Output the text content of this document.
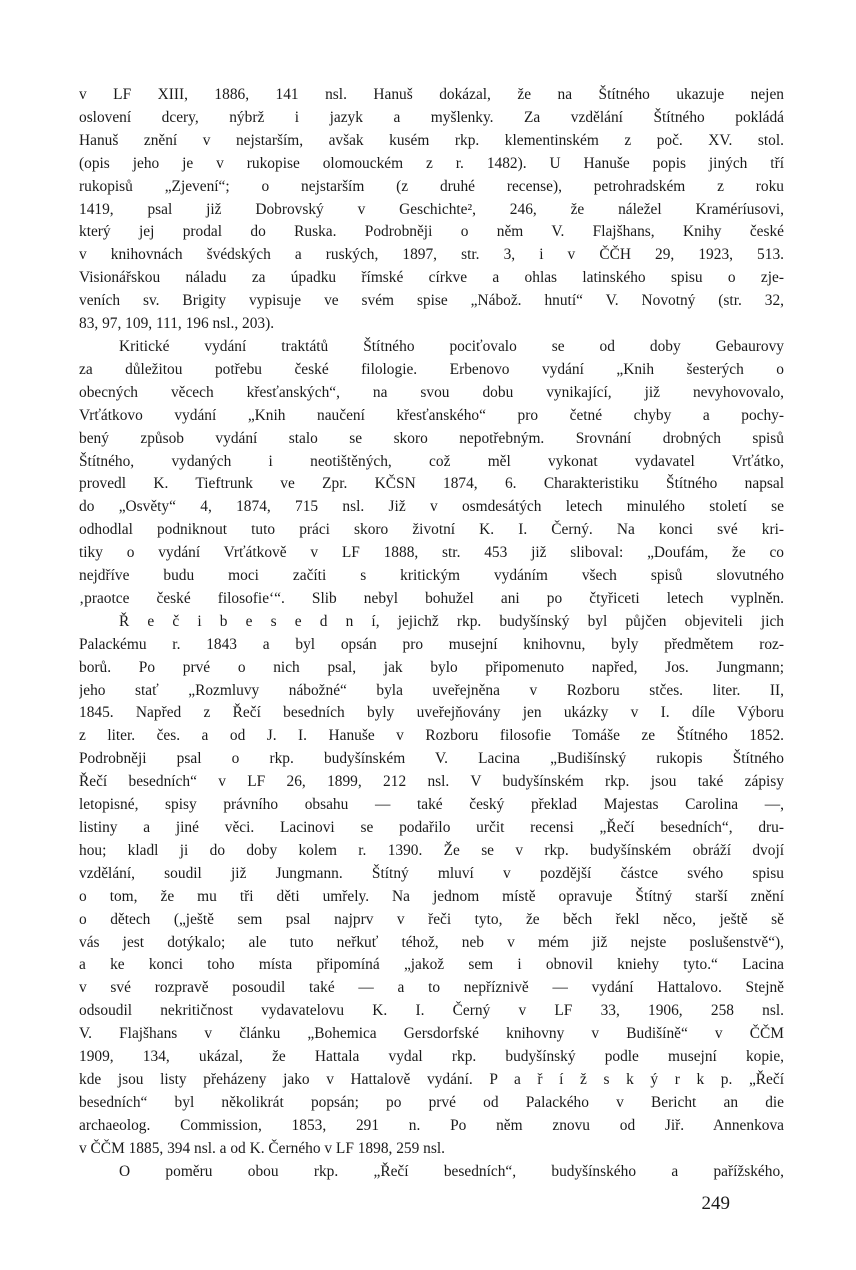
v LF XIII, 1886, 141 nsl. Hanuš dokázal, že na Štítného ukazuje nejen
oslovení dcery, nýbrž i jazyk a myšlenky. Za vzdělání Štítného pokládá
Hanuš znění v nejstarším, avšak kusém rkp. klementinském z poč. XV. stol.
(opis jeho je v rukopise olomouckém z r. 1482). U Hanuše popis jiných tří
rukopisů „Zjevení“; o nejstarším (z druhé recense), petrohradském z roku
1419, psal již Dobrovský v Geschichte², 246, že náležel Kraméríusovi,
který jej prodal do Ruska. Podrobněji o něm V. Flajšhans, Knihy české
v knihovnách švédských a ruských, 1897, str. 3, i v ČČH 29, 1923, 513.
Visionářskou náladu za úpadku římské církve a ohlas latinského spisu o zje-
veních sv. Brigity vypisuje ve svém spise „Nábož. hnutí“ V. Novotný (str. 32,
83, 97, 109, 111, 196 nsl., 203).

Kritické vydání traktátů Štítného pociťovalo se od doby Gebaurovy
za důležitou potřebu české filologie. Erbenovo vydání „Knih šesterých o
obecných věcech křesťanských“, na svou dobu vynikající, již nevyhovovalo,
Vrťátkovo vydání „Knih naučení křesťanského“ pro četné chyby a pochy-
bený způsob vydání stalo se skoro nepotřebným. Srovnání drobných spisů
Štítného, vydaných i neotištěných, což měl vykonat vydavatel Vrťátko,
provedl K. Tieftrunk ve Zpr. KČSN 1874, 6. Charakteristiku Štítného napsal
do „Osvěty“ 4, 1874, 715 nsl. Již v osmdesátých letech minulého století se
odhodlal podniknout tuto práci skoro životní K. I. Černý. Na konci své kri-
tiky o vydání Vrťátkově v LF 1888, str. 453 již sliboval: „Doufám, že co
nejdříve budu moci začíti s kritickým vydáním všech spisů slovutného
‚praotce české filosofie‘“. Slib nebyl bohužel ani po čtyřiceti letech vyplněn.

Ř e č i b e s e d n í, jejichž rkp. budyšínský byl půjčen objeviteli jich
Palackému r. 1843 a byl opsán pro musejní knihovnu, byly předmětem roz-
borů. Po prvé o nich psal, jak bylo připomenuto napřed, Jos. Jungmann;
jeho stať „Rozmluvy nábožné“ byla uveřejněna v Rozboru stčes. liter. II,
1845. Napřed z Řečí besedních byly uveřejňovány jen ukázky v I. díle Výboru
z liter. čes. a od J. I. Hanuše v Rozboru filosofie Tomáše ze Štítného 1852.
Podrobněji psal o rkp. budyšínském V. Lacina „Budišínský rukopis Štítného
Řečí besedních“ v LF 26, 1899, 212 nsl. V budyšínském rkp. jsou také zápisy
letopisné, spisy právního obsahu — také český překlad Majestas Carolina —,
listiny a jiné věci. Lacinovi se podařilo určit recensi „Řečí besedních“, dru-
hou; kladl ji do doby kolem r. 1390. Že se v rkp. budyšínském obráží dvojí
vzdělání, soudil již Jungmann. Štítný mluví v pozdější částce svého spisu
o tom, že mu tři děti umřely. Na jednom místě opravuje Štítný starší znění
o dětech („ještě sem psal najprv v řeči tyto, že běch řekl něco, ještě sě
vás jest dotýkalo; ale tuto neřkuť téhož, neb v mém již nejste poslušenstvě“),
a ke konci toho místa připomíná „jakož sem i obnovil kniehy tyto.“ Lacina
v své rozpravě posoudil také — a to nepříznivě — vydání Hattalovo. Stejně
odsoudil nekritičnost vydavatelovu K. I. Černý v LF 33, 1906, 258 nsl.
V. Flajšhans v článku „Bohemica Gersdorfské knihovny v Budišíně“ v ČČM
1909, 134, ukázal, že Hattala vydal rkp. budyšínský podle musejní kopie,
kde jsou listy přeházeny jako v Hattalově vydání. P a ř í ž s k ý r k p. „Řečí
besedních“ byl několikrát popsán; po prvé od Palackého v Bericht an die
archaeolog. Commission, 1853, 291 n. Po něm znovu od Jiř. Annenkova
v ČČM 1885, 394 nsl. a od K. Černého v LF 1898, 259 nsl.

O poměru obou rkp. „Řečí besedních“, budyšínského a pařížského,

249
